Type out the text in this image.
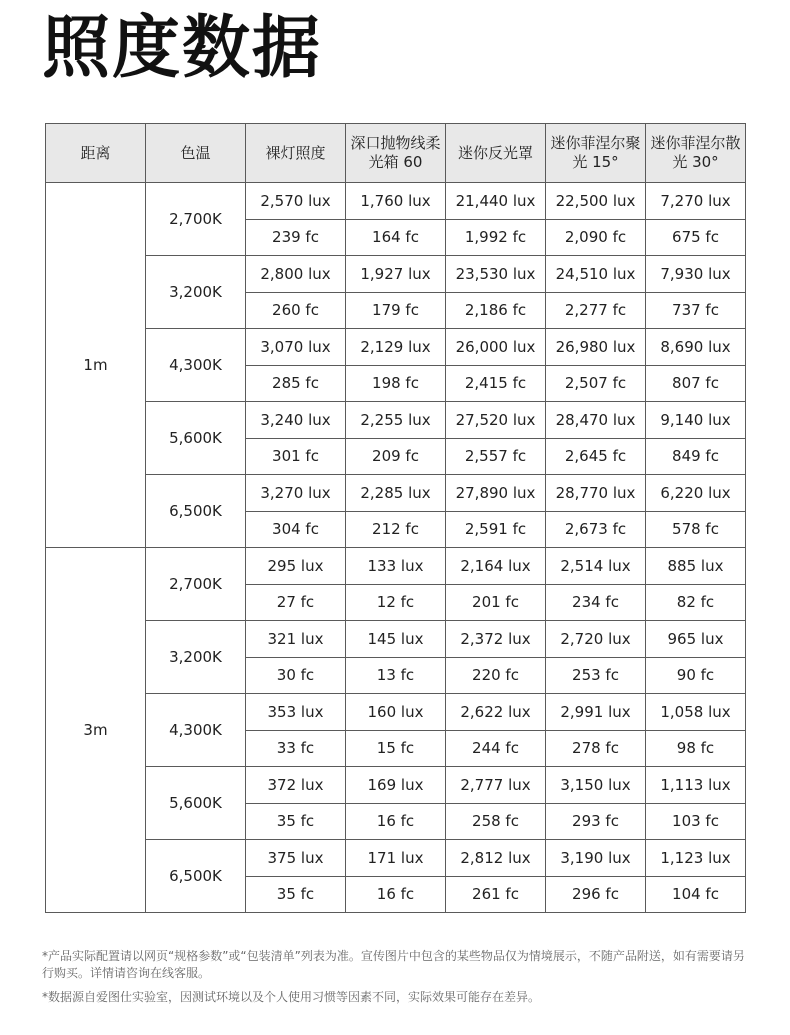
照度数据
距离	色温	裸灯照度	深口抛物线柔光箱 60	迷你反光罩	迷你菲涅尔聚光 15°	迷你菲涅尔散光 30°
1m	2,700K	2,570 lux	1,760 lux	21,440 lux	22,500 lux	7,270 lux
		239 fc	164 fc	1,992 fc	2,090 fc	675 fc
	3,200K	2,800 lux	1,927 lux	23,530 lux	24,510 lux	7,930 lux
		260 fc	179 fc	2,186 fc	2,277 fc	737 fc
	4,300K	3,070 lux	2,129 lux	26,000 lux	26,980 lux	8,690 lux
		285 fc	198 fc	2,415 fc	2,507 fc	807 fc
	5,600K	3,240 lux	2,255 lux	27,520 lux	28,470 lux	9,140 lux
		301 fc	209 fc	2,557 fc	2,645 fc	849 fc
	6,500K	3,270 lux	2,285 lux	27,890 lux	28,770 lux	6,220 lux
		304 fc	212 fc	2,591 fc	2,673 fc	578 fc
3m	2,700K	295 lux	133 lux	2,164 lux	2,514 lux	885 lux
		27 fc	12 fc	201 fc	234 fc	82 fc
	3,200K	321 lux	145 lux	2,372 lux	2,720 lux	965 lux
		30 fc	13 fc	220 fc	253 fc	90 fc
	4,300K	353 lux	160 lux	2,622 lux	2,991 lux	1,058 lux
		33 fc	15 fc	244 fc	278 fc	98 fc
	5,600K	372 lux	169 lux	2,777 lux	3,150 lux	1,113 lux
		35 fc	16 fc	258 fc	293 fc	103 fc
	6,500K	375 lux	171 lux	2,812 lux	3,190 lux	1,123 lux
		35 fc	16 fc	261 fc	296 fc	104 fc
*产品实际配置请以网页“规格参数”或“包装清单”列表为准。宣传图片中包含的某些物品仅为情境展示，不随产品附送，如有需要请另行购买。详情请咨询在线客服。
*数据源自爱图仕实验室，因测试环境以及个人使用习惯等因素不同，实际效果可能存在差异。
